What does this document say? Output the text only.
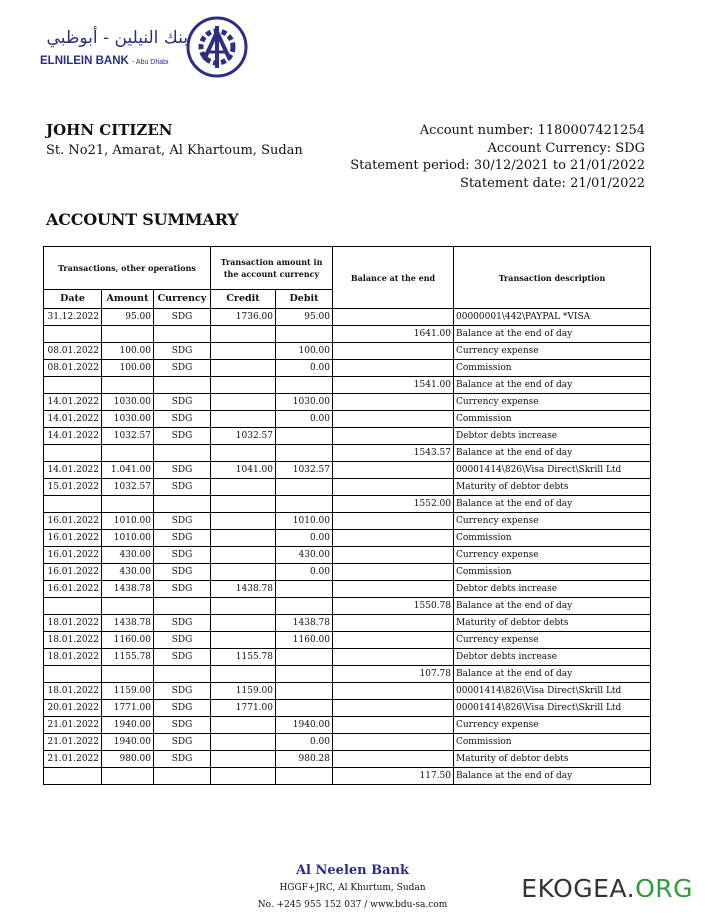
بنك النيلين - أبوظبي
ELNILEIN BANK - Abu Dhabi
JOHN CITIZEN
St. No21, Amarat, Al Khartoum, Sudan
Account number: 1180007421254
Account Currency: SDG
Statement period: 30/12/2021 to 21/01/2022
Statement date: 21/01/2022
ACCOUNT SUMMARY
Transactions, other operations			Transaction amount in the account currency		Balance at the end	Transaction description
Date	Amount	Currency	Credit	Debit		
31.12.2022	95.00	SDG	1736.00	95.00		00000001\442\PAYPAL *VISA
					1641.00	Balance at the end of day
08.01.2022	100.00	SDG		100.00		Currency expense
08.01.2022	100.00	SDG		0.00		Commission
					1541.00	Balance at the end of day
14.01.2022	1030.00	SDG		1030.00		Currency expense
14.01.2022	1030.00	SDG		0.00		Commission
14.01.2022	1032.57	SDG	1032.57			Debtor debts increase
					1543.57	Balance at the end of day
14.01.2022	1.041.00	SDG	1041.00	1032.57		00001414\826\Visa Direct\Skrill Ltd
15.01.2022	1032.57	SDG				Maturity of debtor debts
					1552.00	Balance at the end of day
16.01.2022	1010.00	SDG		1010.00		Currency expense
16.01.2022	1010.00	SDG		0.00		Commission
16.01.2022	430.00	SDG		430.00		Currency expense
16.01.2022	430.00	SDG		0.00		Commission
16.01.2022	1438.78	SDG	1438.78			Debtor debts increase
					1550.78	Balance at the end of day
18.01.2022	1438.78	SDG		1438.78		Maturity of debtor debts
18.01.2022	1160.00	SDG		1160.00		Currency expense
18.01.2022	1155.78	SDG	1155.78			Debtor debts increase
					107.78	Balance at the end of day
18.01.2022	1159.00	SDG	1159.00			00001414\826\Visa Direct\Skrill Ltd
20.01.2022	1771.00	SDG	1771.00			00001414\826\Visa Direct\Skrill Ltd
21.01.2022	1940.00	SDG		1940.00		Currency expense
21.01.2022	1940.00	SDG		0.00		Commission
21.01.2022	980.00	SDG		980.28		Maturity of debtor debts
					117.50	Balance at the end of day
Al Neelen Bank
HGGF+JRC, Al Khurtum, Sudan
No. +245 955 152 037 / www.bdu-sa.com
EKOGEA.ORG
